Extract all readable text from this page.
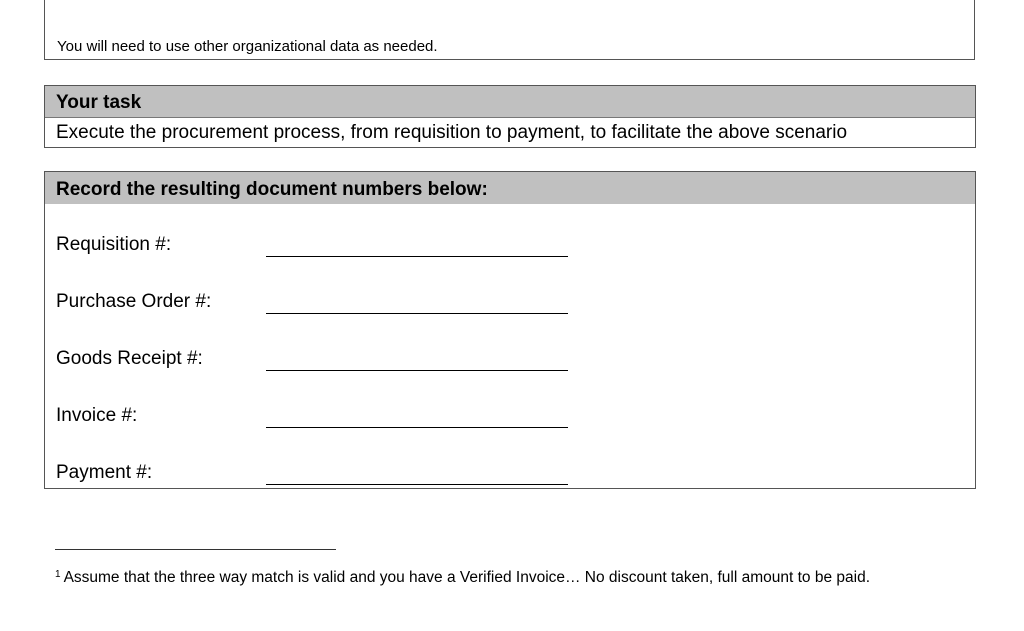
You will need to use other organizational data as needed.
Your task
Execute the procurement process, from requisition to payment, to facilitate the above scenario
Record the resulting document numbers below:
Requisition #:
Purchase Order #:
Goods Receipt #:
Invoice #:
Payment #:
$^1$ Assume that the three way match is valid and you have a Verified Invoice… No discount taken, full amount to be paid.
